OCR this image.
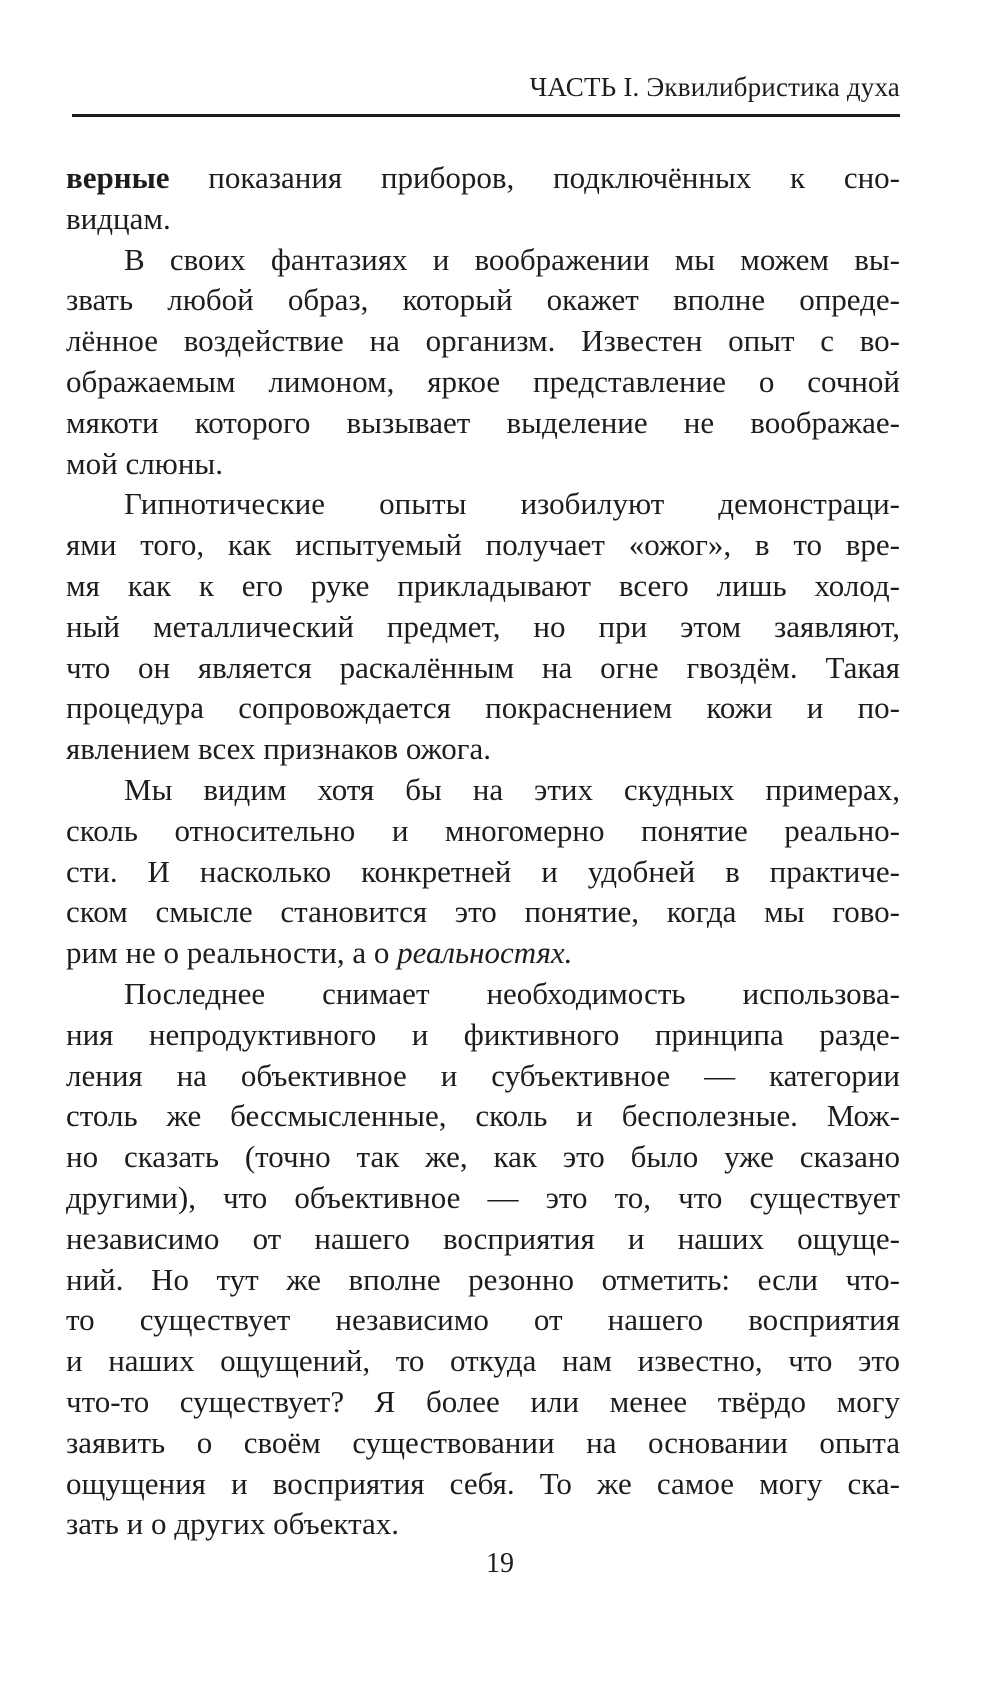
ЧАСТЬ I. Эквилибристика духа
верные показания приборов, подключённых к сно-
видцам.
В своих фантазиях и воображении мы можем вы-
звать любой образ, который окажет вполне опреде-
лённое воздействие на организм. Известен опыт с во-
ображаемым лимоном, яркое представление о сочной
мякоти которого вызывает выделение не воображае-
мой слюны.
Гипнотические опыты изобилуют демонстраци-
ями того, как испытуемый получает «ожог», в то вре-
мя как к его руке прикладывают всего лишь холод-
ный металлический предмет, но при этом заявляют,
что он является раскалённым на огне гвоздём. Такая
процедура сопровождается покраснением кожи и по-
явлением всех признаков ожога.
Мы видим хотя бы на этих скудных примерах,
сколь относительно и многомерно понятие реально-
сти. И насколько конкретней и удобней в практиче-
ском смысле становится это понятие, когда мы гово-
рим не о реальности, а о реальностях.
Последнее снимает необходимость использова-
ния непродуктивного и фиктивного принципа разде-
ления на объективное и субъективное — категории
столь же бессмысленные, сколь и бесполезные. Мож-
но сказать (точно так же, как это было уже сказано
другими), что объективное — это то, что существует
независимо от нашего восприятия и наших ощуще-
ний. Но тут же вполне резонно отметить: если что-
то существует независимо от нашего восприятия
и наших ощущений, то откуда нам известно, что это
что-то существует? Я более или менее твёрдо могу
заявить о своём существовании на основании опыта
ощущения и восприятия себя. То же самое могу ска-
зать и о других объектах.
19
